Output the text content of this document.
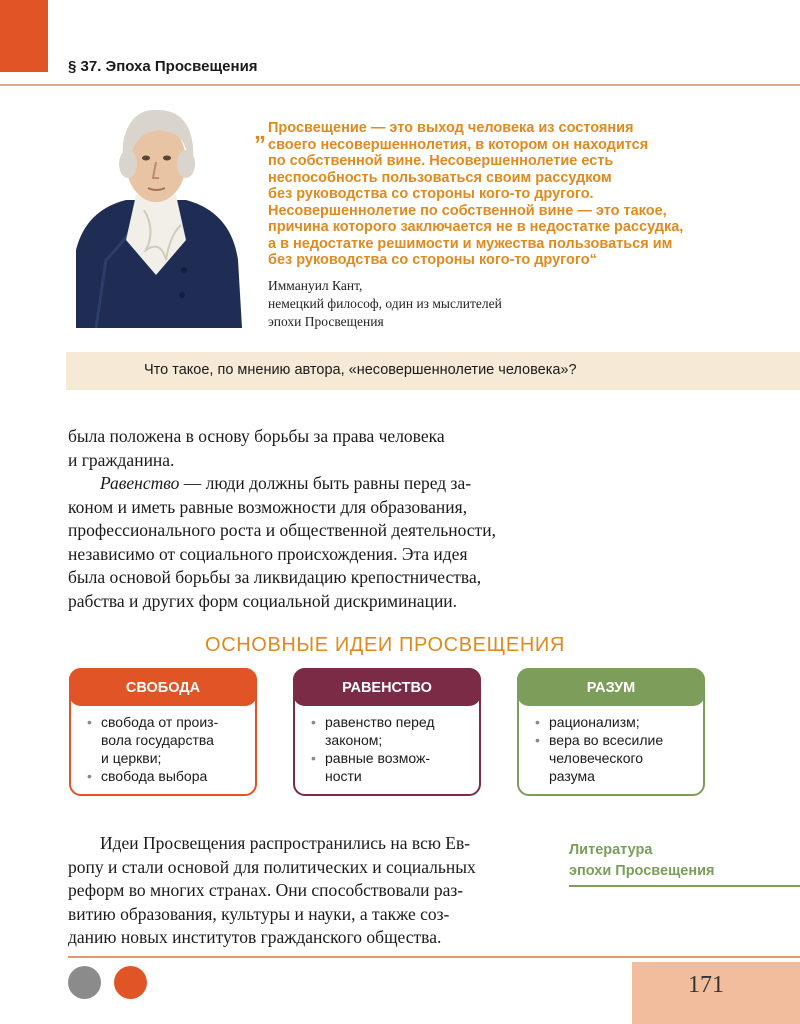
§ 37. Эпоха Просвещения
„ Просвещение — это выход человека из состояния

своего несовершеннолетия, в котором он находится

по собственной вине. Несовершеннолетие есть

неспособность пользоваться своим рассудком

без руководства со стороны кого-то другого.

Несовершеннолетие по собственной вине — это такое,

причина которого заключается не в недостатке рассудка,

а в недостатке решимости и мужества пользоваться им

без руководства со стороны кого-то другого“

Иммануил Кант,
немецкий философ, один из мыслителей
эпохи Просвещения
Что такое, по мнению автора, «несовершеннолетие человека»?

была положена в основу борьбы за права человека

и гражданина.

Равенство — люди должны быть равны перед за-

коном и иметь равные возможности для образования,

профессионального роста и общественной деятельности,

независимо от социального происхождения. Эта идея

была основой борьбы за ликвидацию крепостничества,

рабства и других форм социальной дискриминации.

ОСНОВНЫЕ ИДЕИ ПРОСВЕЩЕНИЯ
СВОБОДА
• свобода от произ-
вола государства
и церкви;
• свобода выбора
РАВЕНСТВО
• равенство перед
законом;
• равные возмож-
ности
РАЗУМ
• рационализм;
• вера во всесилие
человеческого
разума

Идеи Просвещения распространились на всю Ев-

ропу и стали основой для политических и социальных

реформ во многих странах. Они способствовали раз-

витию образования, культуры и науки, а также соз-

данию новых институтов гражданского общества.

Литература
эпохи Просвещения
171
